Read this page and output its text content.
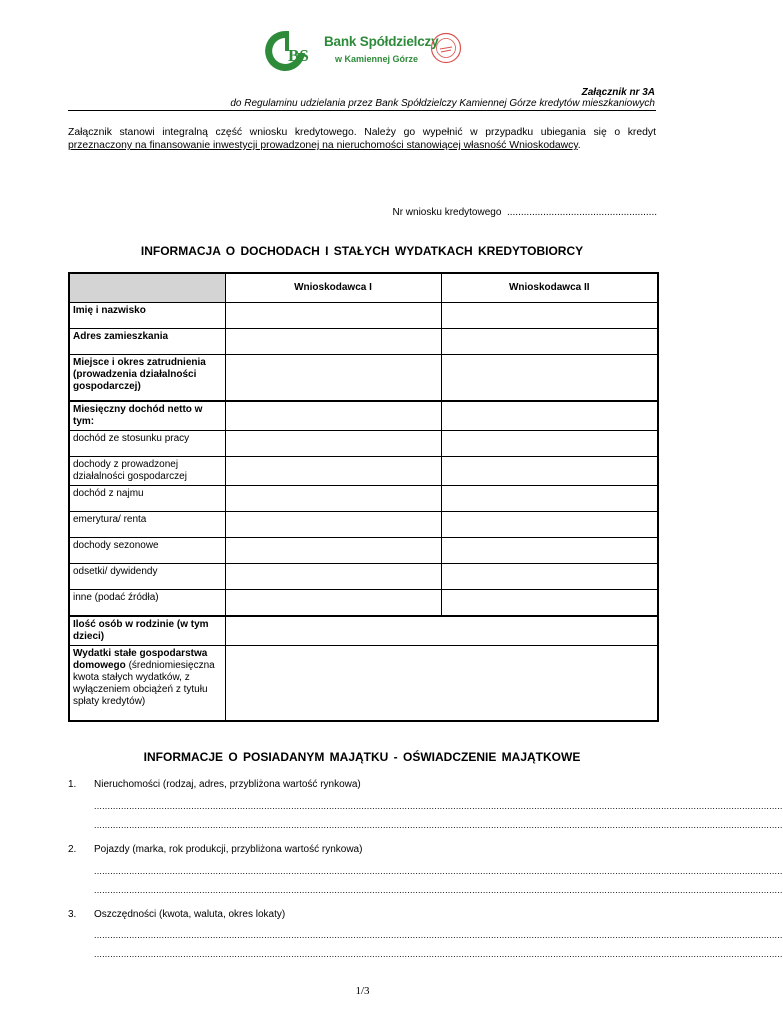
BS
Bank Spółdzielczy
w Kamiennej Górze
Załącznik nr 3A
do Regulaminu udzielania przez Bank Spółdzielczy Kamiennej Górze kredytów mieszkaniowych
Załącznik stanowi integralną część wniosku kredytowego. Należy go wypełnić w przypadku ubiegania się o kredyt przeznaczony na finansowanie inwestycji prowadzonej na nieruchomości stanowiącej własność Wnioskodawcy.
Nr wniosku kredytowego ......................................................
INFORMACJA O DOCHODACH I STAŁYCH WYDATKACH KREDYTOBIORCY
	Wnioskodawca I	Wnioskodawca II
Imię i nazwisko		
Adres zamieszkania		
Miejsce i okres zatrudnienia (prowadzenia działalności gospodarczej)		
Miesięczny dochód netto w tym:		
dochód ze stosunku pracy		
dochody z prowadzonej działalności gospodarczej		
dochód z najmu		
emerytura/ renta		
dochody sezonowe		
odsetki/ dywidendy		
inne (podać źródła)		
Ilość osób w rodzinie (w tym dzieci)		
Wydatki stałe gospodarstwa domowego (średniomiesięczna kwota stałych wydatków, z wyłączeniem obciążeń z tytułu spłaty kredytów)		
INFORMACJE O POSIADANYM MAJĄTKU - OŚWIADCZENIE MAJĄTKOWE
1. Nieruchomości (rodzaj, adres, przybliżona wartość rynkowa)
...............................................................................................................................................................................................................................................................
...............................................................................................................................................................................................................................................................
2. Pojazdy (marka, rok produkcji, przybliżona wartość rynkowa)
...............................................................................................................................................................................................................................................................
...............................................................................................................................................................................................................................................................
3. Oszczędności (kwota, waluta, okres lokaty)
...............................................................................................................................................................................................................................................................
...............................................................................................................................................................................................................................................................
1/3
